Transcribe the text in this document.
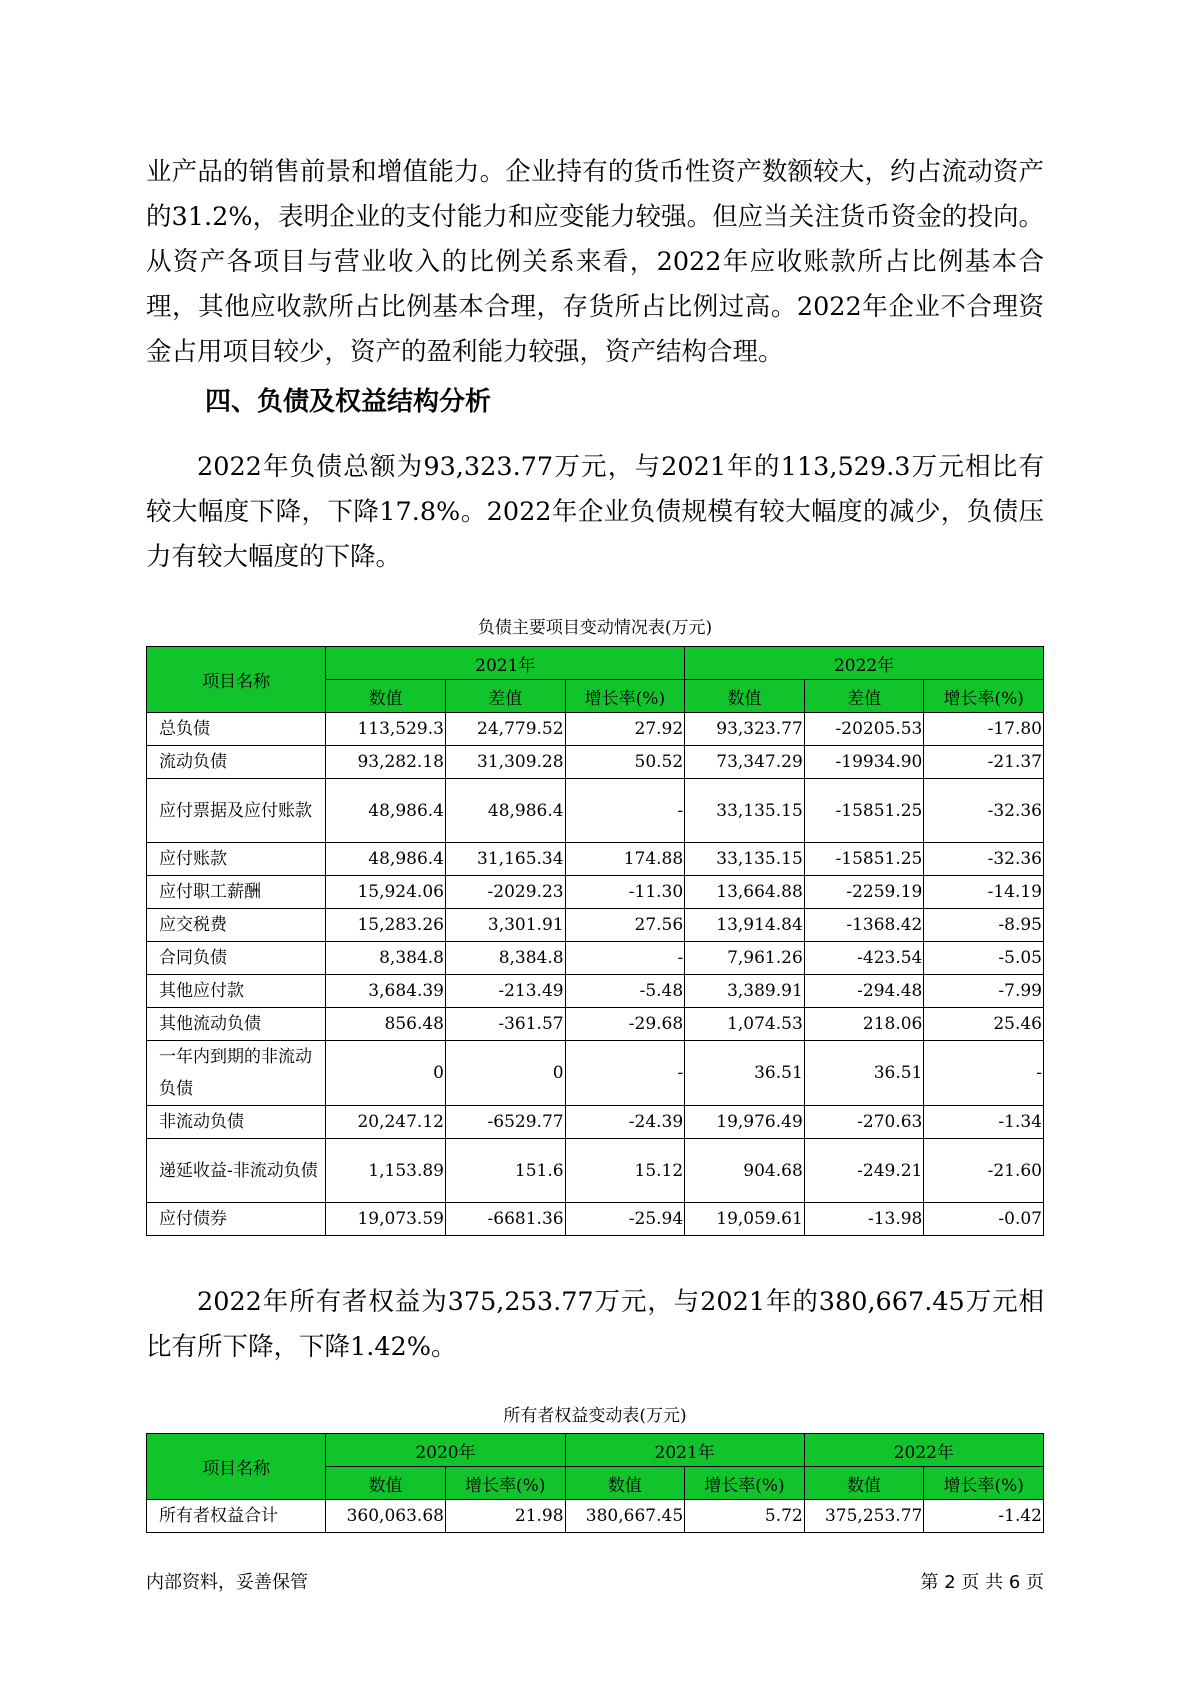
业产品的销售前景和增值能力。企业持有的货币性资产数额较大，约占流动资产的31.2%，表明企业的支付能力和应变能力较强。但应当关注货币资金的投向。从资产各项目与营业收入的比例关系来看，2022年应收账款所占比例基本合理，其他应收款所占比例基本合理，存货所占比例过高。2022年企业不合理资金占用项目较少，资产的盈利能力较强，资产结构合理。

四、负债及权益结构分析

2022年负债总额为93,323.77万元，与2021年的113,529.3万元相比有较大幅度下降，下降17.8%。2022年企业负债规模有较大幅度的减少，负债压力有较大幅度的下降。

负债主要项目变动情况表(万元)
项目名称	2021年			2022年		
	数值	差值	增长率(%)	数值	差值	增长率(%)
总负债	113,529.3	24,779.52	27.92	93,323.77	-20205.53	-17.80
流动负债	93,282.18	31,309.28	50.52	73,347.29	-19934.90	-21.37
应付票据及应付账款	48,986.4	48,986.4	-	33,135.15	-15851.25	-32.36
应付账款	48,986.4	31,165.34	174.88	33,135.15	-15851.25	-32.36
应付职工薪酬	15,924.06	-2029.23	-11.30	13,664.88	-2259.19	-14.19
应交税费	15,283.26	3,301.91	27.56	13,914.84	-1368.42	-8.95
合同负债	8,384.8	8,384.8	-	7,961.26	-423.54	-5.05
其他应付款	3,684.39	-213.49	-5.48	3,389.91	-294.48	-7.99
其他流动负债	856.48	-361.57	-29.68	1,074.53	218.06	25.46
一年内到期的非流动负债	0	0	-	36.51	36.51	-
非流动负债	20,247.12	-6529.77	-24.39	19,976.49	-270.63	-1.34
递延收益-非流动负债	1,153.89	151.6	15.12	904.68	-249.21	-21.60
应付债券	19,073.59	-6681.36	-25.94	19,059.61	-13.98	-0.07

2022年所有者权益为375,253.77万元，与2021年的380,667.45万元相比有所下降，下降1.42%。

所有者权益变动表(万元)
项目名称	2020年		2021年		2022年	
	数值	增长率(%)	数值	增长率(%)	数值	增长率(%)
所有者权益合计	360,063.68	21.98	380,667.45	5.72	375,253.77	-1.42
内部资料，妥善保管	第 2 页 共 6 页
